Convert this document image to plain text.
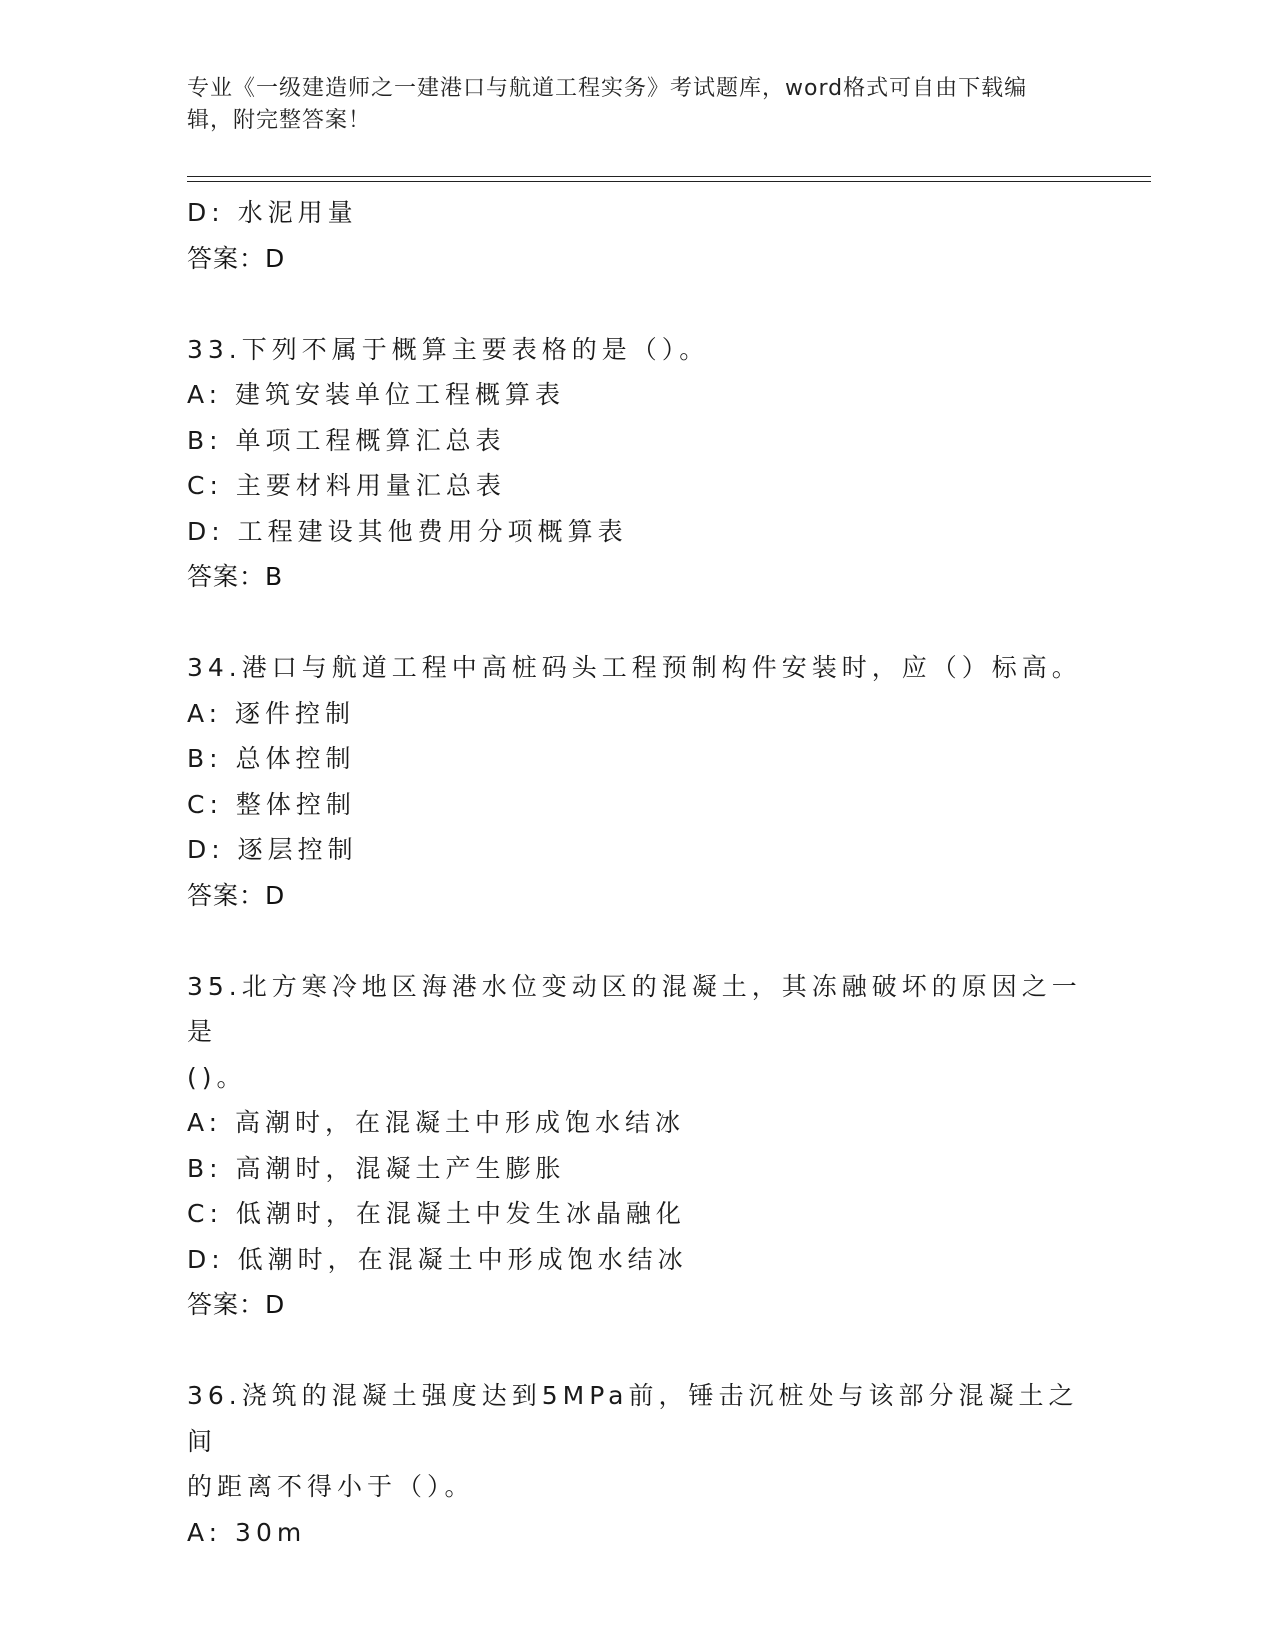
专业《一级建造师之一建港口与航道工程实务》考试题库，word格式可自由下载编辑，附完整答案！
D: 水泥用量
答案：D
33.下列不属于概算主要表格的是（）。
A: 建筑安装单位工程概算表
B: 单项工程概算汇总表
C: 主要材料用量汇总表
D: 工程建设其他费用分项概算表
答案：B
34.港口与航道工程中高桩码头工程预制构件安装时，应（）标高。
A: 逐件控制
B: 总体控制
C: 整体控制
D: 逐层控制
答案：D
35.北方寒冷地区海港水位变动区的混凝土，其冻融破坏的原因之一是
()。
A: 高潮时，在混凝土中形成饱水结冰
B: 高潮时，混凝土产生膨胀
C: 低潮时，在混凝土中发生冰晶融化
D: 低潮时，在混凝土中形成饱水结冰
答案：D
36.浇筑的混凝土强度达到5MPa前，锤击沉桩处与该部分混凝土之间
的距离不得小于（）。
A: 30m
